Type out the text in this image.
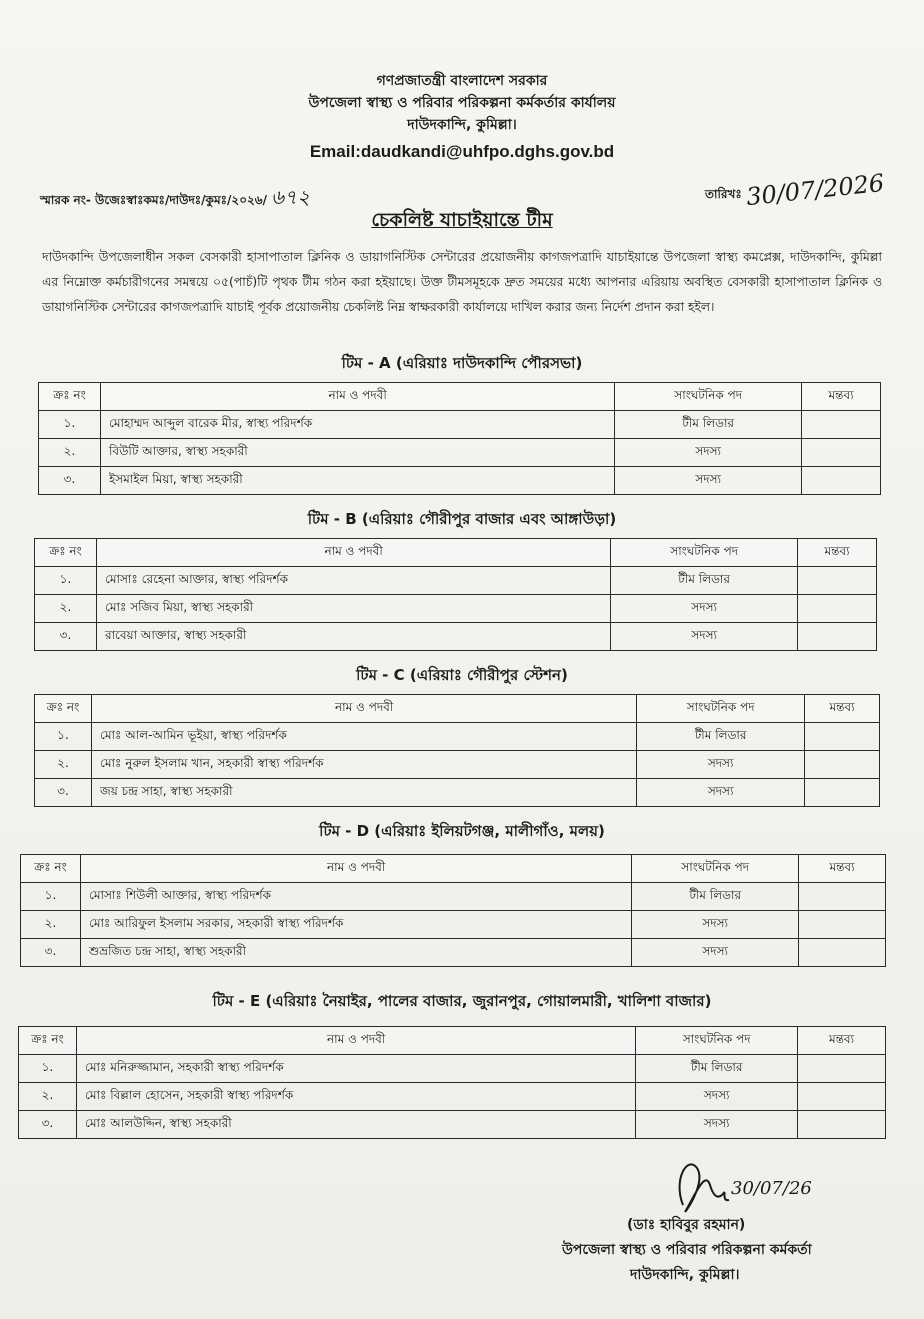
গণপ্রজাতন্ত্রী বাংলাদেশ সরকার
উপজেলা স্বাস্থ্য ও পরিবার পরিকল্পনা কর্মকর্তার কার্যালয়
দাউদকান্দি, কুমিল্লা।
Email:daudkandi@uhfpo.dghs.gov.bd
স্মারক নং- উজেঃস্বাঃকমঃ/দাউদঃ/কুমঃ/২০২৬/ ৬৭২	তারিখঃ 30/07/2026
চেকলিষ্ট যাচাইয়ান্তে টীম
দাউদকান্দি উপজেলাধীন সকল বেসকারী হাসাপাতাল ক্লিনিক ও ডায়াগনিস্টিক সেন্টারের প্রয়োজনীয় কাগজপত্রাদি যাচাইয়ান্তে উপজেলা স্বাস্থ্য কমপ্লেক্স, দাউদকান্দি, কুমিল্লা এর নিম্নোক্ত কর্মচারীগনের সমন্বয়ে ০৫(পাচঁ)টি পৃথক টীম গঠন করা হইয়াছে। উক্ত টীমসমূহকে দ্রুত সময়ের মধ্যে আপনার এরিয়ায় অবস্থিত বেসকারী হাসাপাতাল ক্লিনিক ও ডায়াগনিস্টিক সেন্টারের কাগজপত্রাদি যাচাই পূর্বক প্রয়োজনীয় চেকলিষ্ট নিম্ন স্বাক্ষরকারী কার্যালয়ে দাখিল করার জন্য নির্দেশ প্রদান করা হইল।
টিম - A (এরিয়াঃ দাউদকান্দি পৌরসভা)
ক্রঃ নং	নাম ও পদবী	সাংঘটনিক পদ	মন্তব্য
১.	মোহাম্মদ আব্দুল বারেক মীর, স্বাস্থ্য পরিদর্শক	টীম লিডার	
২.	বিউটি আক্তার, স্বাস্থ্য সহকারী	সদস্য	
৩.	ইসমাইল মিয়া, স্বাস্থ্য সহকারী	সদস্য	
টিম - B (এরিয়াঃ গৌরীপুর বাজার এবং আঙ্গাউড়া)
ক্রঃ নং	নাম ও পদবী	সাংঘটনিক পদ	মন্তব্য
১.	মোসাঃ রেহেনা আক্তার, স্বাস্থ্য পরিদর্শক	টীম লিডার	
২.	মোঃ সজিব মিয়া, স্বাস্থ্য সহকারী	সদস্য	
৩.	রাবেয়া আক্তার, স্বাস্থ্য সহকারী	সদস্য	
টিম - C (এরিয়াঃ গৌরীপুর স্টেশন)
ক্রঃ নং	নাম ও পদবী	সাংঘটনিক পদ	মন্তব্য
১.	মোঃ আল-আমিন ভূইয়া, স্বাস্থ্য পরিদর্শক	টীম লিডার	
২.	মোঃ নুরুল ইসলাম খান, সহকারী স্বাস্থ্য পরিদর্শক	সদস্য	
৩.	জয় চন্দ্র সাহা, স্বাস্থ্য সহকারী	সদস্য	
টিম - D (এরিয়াঃ ইলিয়টগঞ্জ, মালীগাঁও, মলয়)
ক্রঃ নং	নাম ও পদবী	সাংঘটনিক পদ	মন্তব্য
১.	মোসাঃ শিউলী আক্তার, স্বাস্থ্য পরিদর্শক	টীম লিডার	
২.	মোঃ আরিফুল ইসলাম সরকার, সহকারী স্বাস্থ্য পরিদর্শক	সদস্য	
৩.	শুভ্রজিত চন্দ্র সাহা, স্বাস্থ্য সহকারী	সদস্য	
টিম - E (এরিয়াঃ নৈয়াইর, পালের বাজার, জুরানপুর, গোয়ালমারী, খালিশা বাজার)
ক্রঃ নং	নাম ও পদবী	সাংঘটনিক পদ	মন্তব্য
১.	মোঃ মনিরুজ্জামান, সহকারী স্বাস্থ্য পরিদর্শক	টীম লিডার	
২.	মোঃ বিল্লাল হোসেন, সহকারী স্বাস্থ্য পরিদর্শক	সদস্য	
৩.	মোঃ আলউদ্দিন, স্বাস্থ্য সহকারী	সদস্য	
30/07/26
(ডাঃ হাবিবুর রহমান)
উপজেলা স্বাস্থ্য ও পরিবার পরিকল্পনা কর্মকর্তা
দাউদকান্দি, কুমিল্লা।
